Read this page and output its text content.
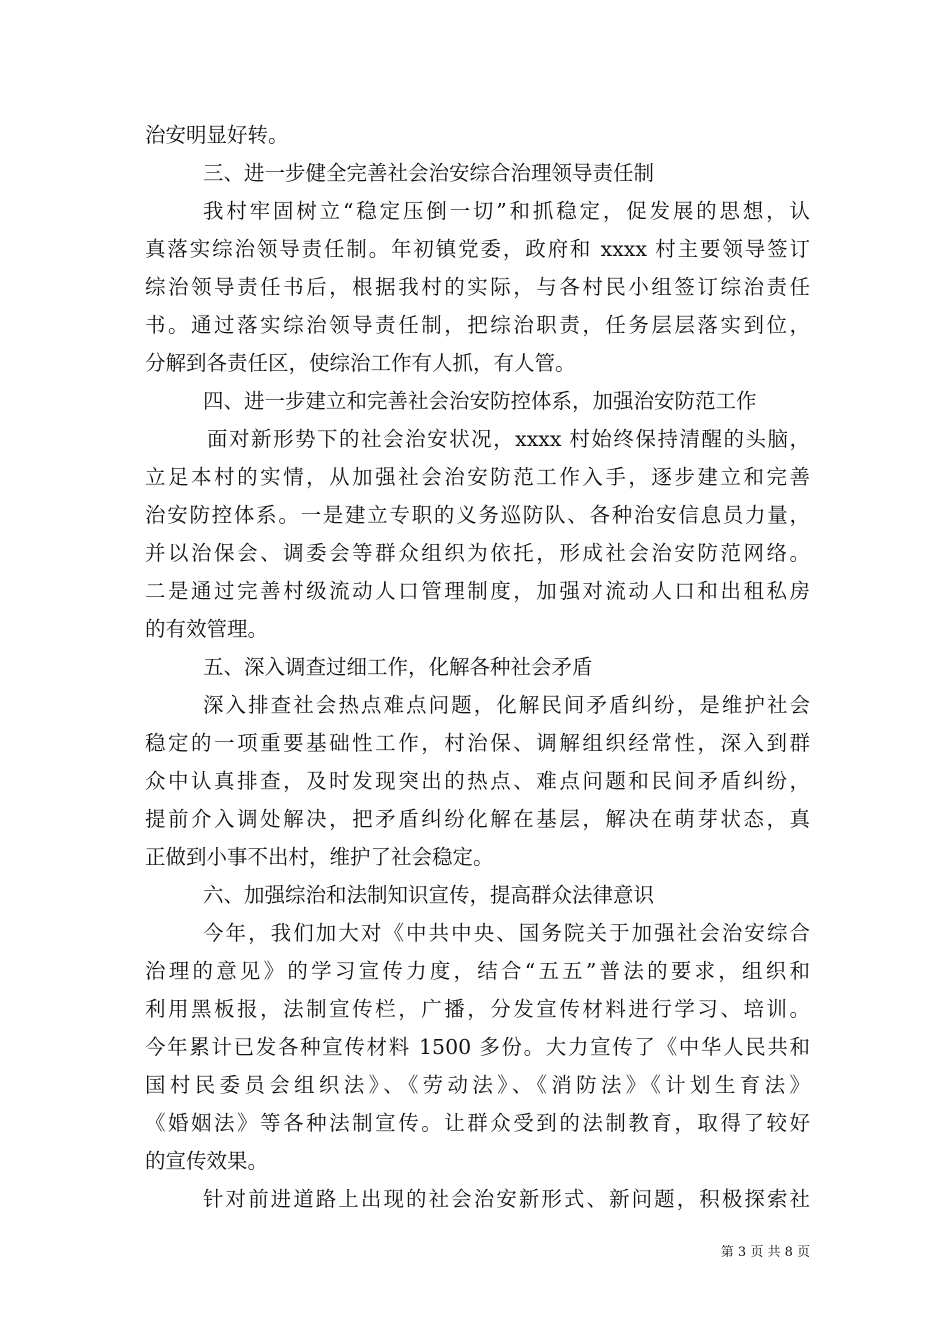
治安明显好转。
三、进一步健全完善社会治安综合治理领导责任制
我村牢固树立“稳定压倒一切”和抓稳定，促发展的思想，认
真落实综治领导责任制。年初镇党委，政府和 xxxx 村主要领导签订
综治领导责任书后，根据我村的实际，与各村民小组签订综治责任
书。通过落实综治领导责任制，把综治职责，任务层层落实到位，
分解到各责任区，使综治工作有人抓，有人管。
四、进一步建立和完善社会治安防控体系，加强治安防范工作
面对新形势下的社会治安状况，xxxx 村始终保持清醒的头脑，
立足本村的实情，从加强社会治安防范工作入手，逐步建立和完善
治安防控体系。一是建立专职的义务巡防队、各种治安信息员力量，
并以治保会、调委会等群众组织为依托，形成社会治安防范网络。
二是通过完善村级流动人口管理制度，加强对流动人口和出租私房
的有效管理。
五、深入调查过细工作，化解各种社会矛盾
深入排查社会热点难点问题，化解民间矛盾纠纷，是维护社会
稳定的一项重要基础性工作，村治保、调解组织经常性，深入到群
众中认真排查，及时发现突出的热点、难点问题和民间矛盾纠纷，
提前介入调处解决，把矛盾纠纷化解在基层，解决在萌芽状态，真
正做到小事不出村，维护了社会稳定。
六、加强综治和法制知识宣传，提高群众法律意识
今年，我们加大对《中共中央、国务院关于加强社会治安综合
治理的意见》的学习宣传力度，结合“五五”普法的要求，组织和
利用黑板报，法制宣传栏，广播，分发宣传材料进行学习、培训。
今年累计已发各种宣传材料 1500 多份。大力宣传了《中华人民共和
国村民委员会组织法》、《劳动法》、《消防法》《计划生育法》
《婚姻法》等各种法制宣传。让群众受到的法制教育，取得了较好
的宣传效果。
针对前进道路上出现的社会治安新形式、新问题，积极探索社
第 3 页 共 8 页
